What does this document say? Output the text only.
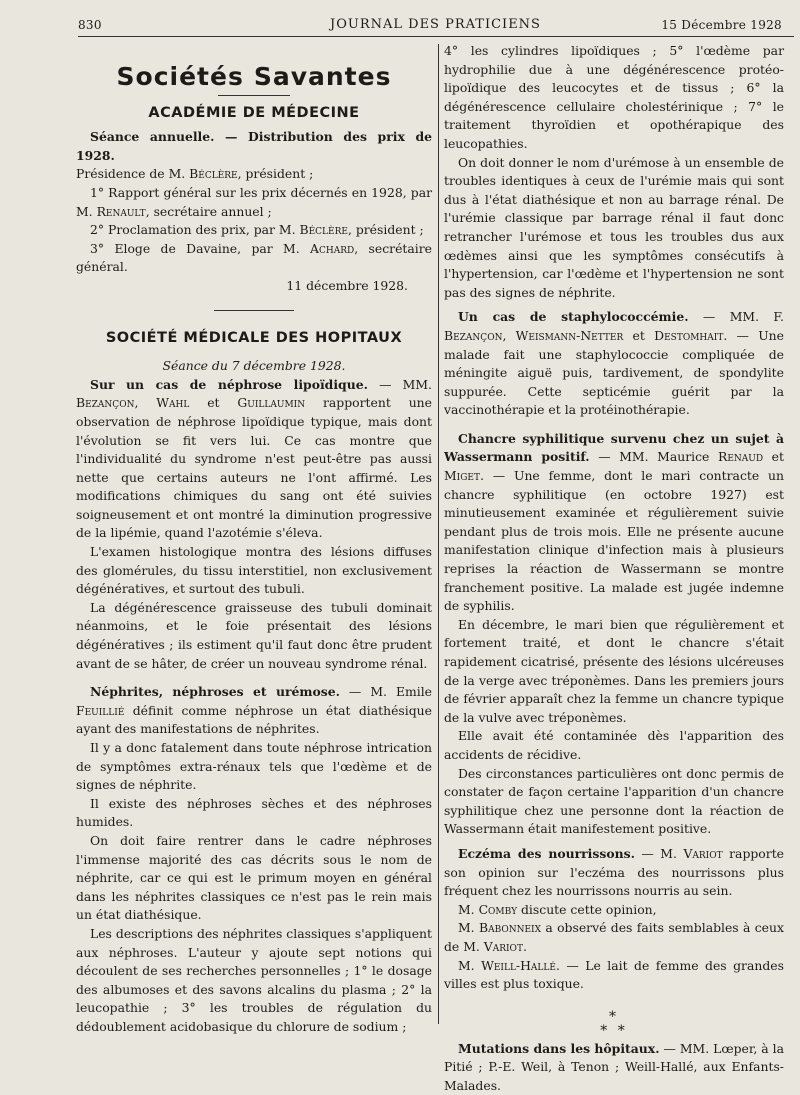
830	JOURNAL DES PRATICIENS	15 Décembre 1928
Sociétés Savantes
ACADÉMIE DE MÉDECINE

Séance annuelle. — Distribution des prix de 1928.

Présidence de M. Béclère, président ;

1° Rapport général sur les prix décernés en 1928, par M. Renault, secrétaire annuel ;

2° Proclamation des prix, par M. Béclère, président ;

3° Eloge de Davaine, par M. Achard, secrétaire général.

11 décembre 1928.

SOCIÉTÉ MÉDICALE DES HOPITAUX

Séance du 7 décembre 1928.

Sur un cas de néphrose lipoïdique. — MM. Bezançon, Wahl et Guillaumin rapportent une observation de néphrose lipoïdique typique, mais dont l'évolution se fit vers lui. Ce cas montre que l'individualité du syndrome n'est peut-être pas aussi nette que certains auteurs ne l'ont affirmé. Les modifications chimiques du sang ont été suivies soigneusement et ont montré la diminution progressive de la lipémie, quand l'azotémie s'éleva.

L'examen histologique montra des lésions diffuses des glomérules, du tissu interstitiel, non exclusivement dégénératives, et surtout des tubuli.

La dégénérescence graisseuse des tubuli dominait néanmoins, et le foie présentait des lésions dégénératives ; ils estiment qu'il faut donc être prudent avant de se hâter, de créer un nouveau syndrome rénal.

Néphrites, néphroses et urémose. — M. Emile Feuillié définit comme néphrose un état diathésique ayant des manifestations de néphrites.

Il y a donc fatalement dans toute néphrose intrication de symptômes extra-rénaux tels que l'œdème et de signes de néphrite.

Il existe des néphroses sèches et des néphroses humides.

On doit faire rentrer dans le cadre néphroses l'immense majorité des cas décrits sous le nom de néphrite, car ce qui est le primum moyen en général dans les néphrites classiques ce n'est pas le rein mais un état diathésique.

Les descriptions des néphrites classiques s'appliquent aux néphroses. L'auteur y ajoute sept notions qui découlent de ses recherches personnelles ; 1° le dosage des albumoses et des savons alcalins du plasma ; 2° la leucopathie ; 3° les troubles de régulation du dédoublement acidobasique du chlorure de sodium ;

4° les cylindres lipoïdiques ; 5° l'œdème par hydrophilie due à une dégénérescence protéo-lipoïdique des leucocytes et de tissus ; 6° la dégénérescence cellulaire cholestérinique ; 7° le traitement thyroïdien et opothérapique des leucopathies.

On doit donner le nom d'urémose à un ensemble de troubles identiques à ceux de l'urémie mais qui sont dus à l'état diathésique et non au barrage rénal. De l'urémie classique par barrage rénal il faut donc retrancher l'urémose et tous les troubles dus aux œdèmes ainsi que les symptômes consécutifs à l'hypertension, car l'œdème et l'hypertension ne sont pas des signes de néphrite.

Un cas de staphylococcémie. — MM. F. Bezançon, Weismann-Netter et Destomhait. — Une malade fait une staphylococcie compliquée de méningite aiguë puis, tardivement, de spondylite suppurée. Cette septicémie guérit par la vaccinothérapie et la protéinothérapie.

Chancre syphilitique survenu chez un sujet à Wassermann positif. — MM. Maurice Renaud et Miget. — Une femme, dont le mari contracte un chancre syphilitique (en octobre 1927) est minutieusement examinée et régulièrement suivie pendant plus de trois mois. Elle ne présente aucune manifestation clinique d'infection mais à plusieurs reprises la réaction de Wassermann se montre franchement positive. La malade est jugée indemne de syphilis.

En décembre, le mari bien que régulièrement et fortement traité, et dont le chancre s'était rapidement cicatrisé, présente des lésions ulcéreuses de la verge avec tréponèmes. Dans les premiers jours de février apparaît chez la femme un chancre typique de la vulve avec tréponèmes.

Elle avait été contaminée dès l'apparition des accidents de récidive.

Des circonstances particulières ont donc permis de constater de façon certaine l'apparition d'un chancre syphilitique chez une personne dont la réaction de Wassermann était manifestement positive.

Eczéma des nourrissons. — M. Variot rapporte son opinion sur l'eczéma des nourrissons plus fréquent chez les nourrissons nourris au sein.

M. Comby discute cette opinion,

M. Babonneix a observé des faits semblables à ceux de M. Variot.

M. Weill-Hallé. — Le lait de femme des grandes villes est plus toxique.

*
* *

Mutations dans les hôpitaux. — MM. Lœper, à la Pitié ; P.-E. Weil, à Tenon ; Weill-Hallé, aux Enfants-Malades.
